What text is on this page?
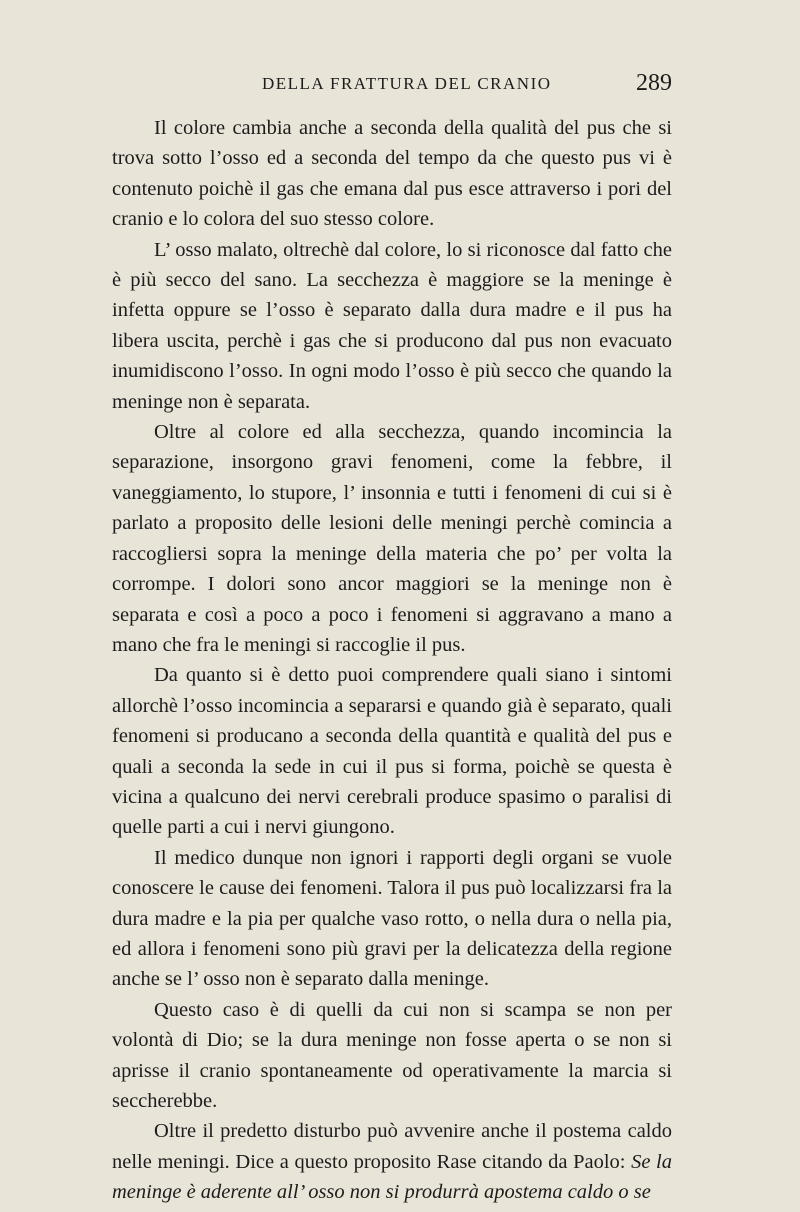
DELLA FRATTURA DEL CRANIO	289

Il colore cambia anche a seconda della qualità del pus che si trova sotto l’osso ed a seconda del tempo da che questo pus vi è contenuto poichè il gas che emana dal pus esce attraverso i pori del cranio e lo colora del suo stesso colore.

L’ osso malato, oltrechè dal colore, lo si riconosce dal fatto che è più secco del sano. La secchezza è maggiore se la meninge è infetta oppure se l’osso è separato dalla dura madre e il pus ha libera uscita, perchè i gas che si producono dal pus non evacuato inumidiscono l’osso. In ogni modo l’osso è più secco che quando la meninge non è separata.

Oltre al colore ed alla secchezza, quando incomincia la separazione, insorgono gravi fenomeni, come la febbre, il vaneggiamento, lo stupore, l’ insonnia e tutti i fenomeni di cui si è parlato a proposito delle lesioni delle meningi perchè comincia a raccogliersi sopra la meninge della materia che po’ per volta la corrompe. I dolori sono ancor maggiori se la meninge non è separata e così a poco a poco i fenomeni si aggravano a mano a mano che fra le meningi si raccoglie il pus.

Da quanto si è detto puoi comprendere quali siano i sintomi allorchè l’osso incomincia a separarsi e quando già è separato, quali fenomeni si producano a seconda della quantità e qualità del pus e quali a seconda la sede in cui il pus si forma, poichè se questa è vicina a qualcuno dei nervi cerebrali produce spasimo o paralisi di quelle parti a cui i nervi giungono.

Il medico dunque non ignori i rapporti degli organi se vuole conoscere le cause dei fenomeni. Talora il pus può localizzarsi fra la dura madre e la pia per qualche vaso rotto, o nella dura o nella pia, ed allora i fenomeni sono più gravi per la delicatezza della regione anche se l’ osso non è separato dalla meninge.

Questo caso è di quelli da cui non si scampa se non per volontà di Dio; se la dura meninge non fosse aperta o se non si aprisse il cranio spontaneamente od operativamente la marcia si seccherebbe.

Oltre il predetto disturbo può avvenire anche il postema caldo nelle meningi. Dice a questo proposito Rase citando da Paolo: Se la meninge è aderente all’ osso non si produrrà apostema caldo o se
